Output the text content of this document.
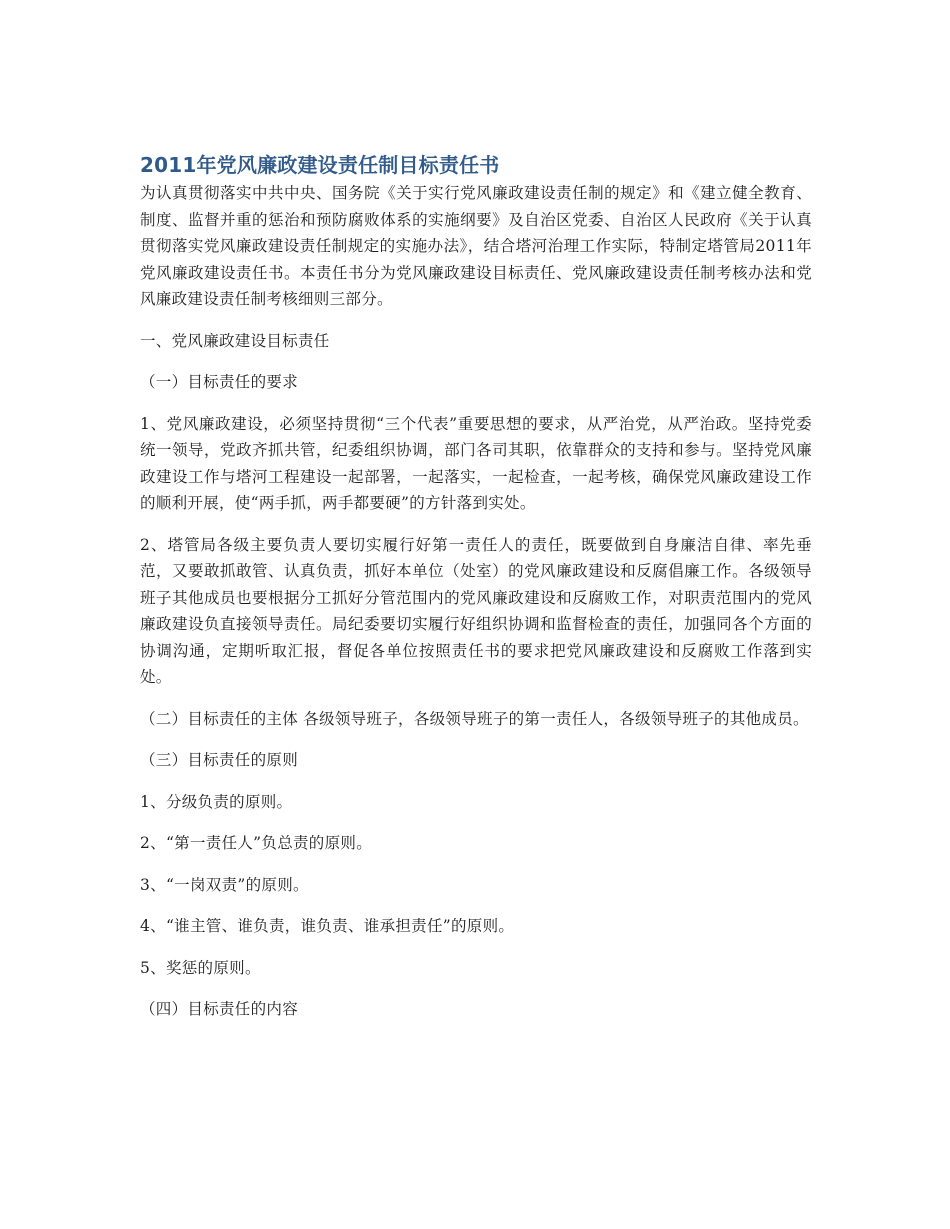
2011年党风廉政建设责任制目标责任书

为认真贯彻落实中共中央、国务院《关于实行党风廉政建设责任制的规定》和《建立健全教育、制度、监督并重的惩治和预防腐败体系的实施纲要》及自治区党委、自治区人民政府《关于认真贯彻落实党风廉政建设责任制规定的实施办法》，结合塔河治理工作实际，特制定塔管局2011年党风廉政建设责任书。本责任书分为党风廉政建设目标责任、党风廉政建设责任制考核办法和党风廉政建设责任制考核细则三部分。

一、党风廉政建设目标责任

（一）目标责任的要求

1、党风廉政建设，必须坚持贯彻“三个代表”重要思想的要求，从严治党，从严治政。坚持党委统一领导，党政齐抓共管，纪委组织协调，部门各司其职，依靠群众的支持和参与。坚持党风廉政建设工作与塔河工程建设一起部署，一起落实，一起检查，一起考核，确保党风廉政建设工作的顺利开展，使“两手抓，两手都要硬”的方针落到实处。

2、塔管局各级主要负责人要切实履行好第一责任人的责任，既要做到自身廉洁自律、率先垂范，又要敢抓敢管、认真负责，抓好本单位（处室）的党风廉政建设和反腐倡廉工作。各级领导班子其他成员也要根据分工抓好分管范围内的党风廉政建设和反腐败工作，对职责范围内的党风廉政建设负直接领导责任。局纪委要切实履行好组织协调和监督检查的责任，加强同各个方面的协调沟通，定期听取汇报，督促各单位按照责任书的要求把党风廉政建设和反腐败工作落到实处。

（二）目标责任的主体 各级领导班子，各级领导班子的第一责任人，各级领导班子的其他成员。

（三）目标责任的原则

1、分级负责的原则。

2、“第一责任人”负总责的原则。

3、“一岗双责”的原则。

4、“谁主管、谁负责，谁负责、谁承担责任”的原则。

5、奖惩的原则。

（四）目标责任的内容
